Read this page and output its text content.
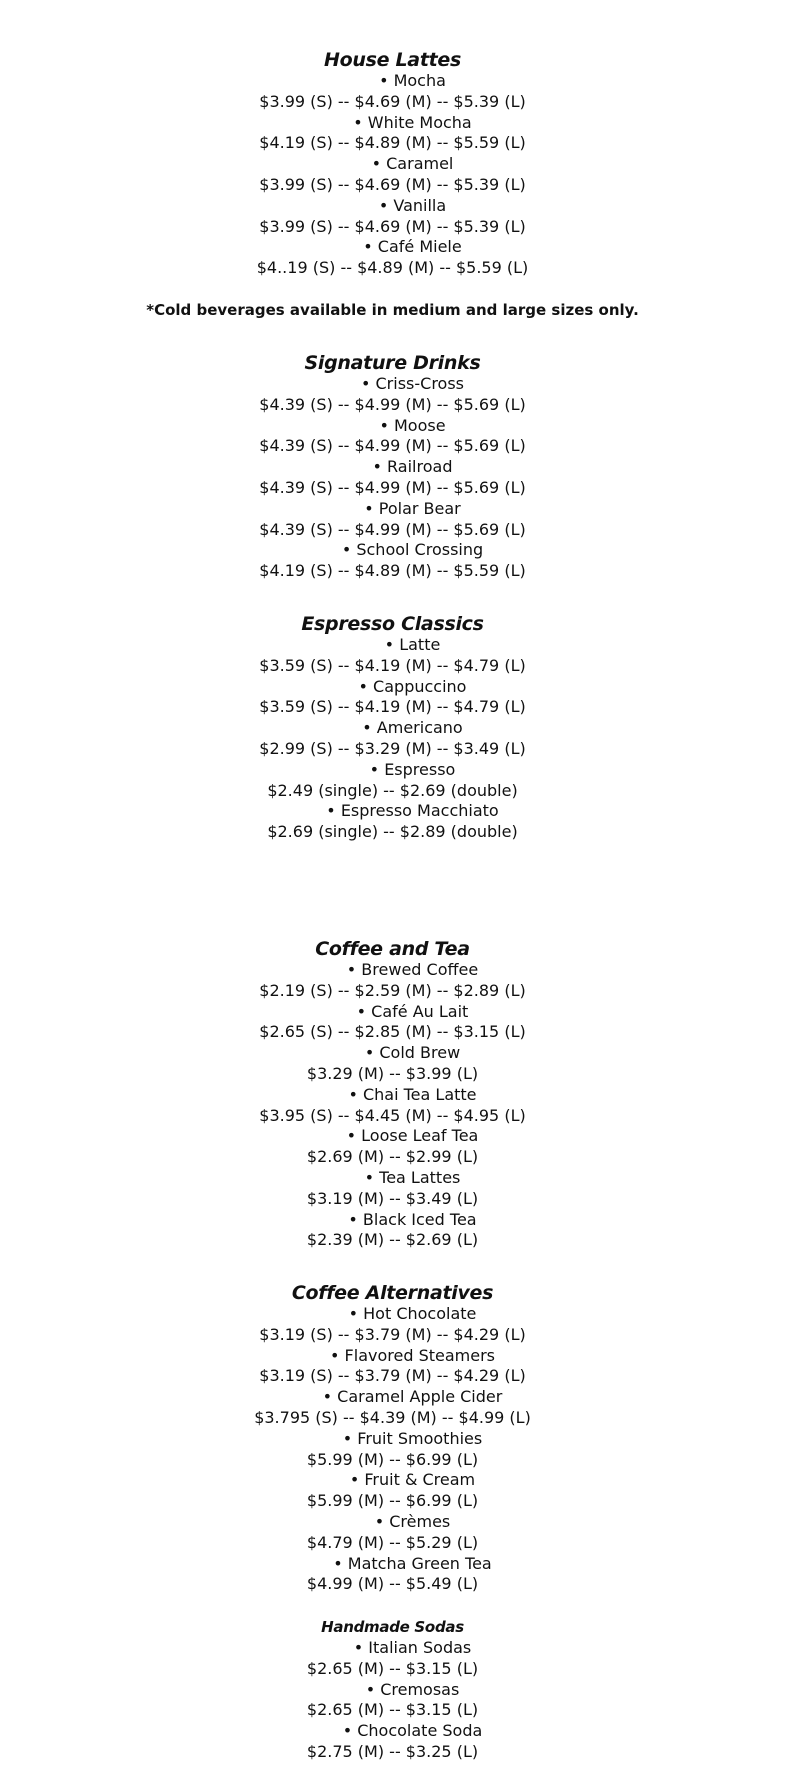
House Lattes
• Mocha
$3.99 (S) -- $4.69 (M) -- $5.39 (L)
• White Mocha
$4.19 (S) -- $4.89 (M) -- $5.59 (L)
• Caramel
$3.99 (S) -- $4.69 (M) -- $5.39 (L)
• Vanilla
$3.99 (S) -- $4.69 (M) -- $5.39 (L)
• Café Miele
$4..19 (S) -- $4.89 (M) -- $5.59 (L)
*Cold beverages available in medium and large sizes only.
Signature Drinks
• Criss-Cross
$4.39 (S) -- $4.99 (M) -- $5.69 (L)
• Moose
$4.39 (S) -- $4.99 (M) -- $5.69 (L)
• Railroad
$4.39 (S) -- $4.99 (M) -- $5.69 (L)
• Polar Bear
$4.39 (S) -- $4.99 (M) -- $5.69 (L)
• School Crossing
$4.19 (S) -- $4.89 (M) -- $5.59 (L)
Espresso Classics
• Latte
$3.59 (S) -- $4.19 (M) -- $4.79 (L)
• Cappuccino
$3.59 (S) -- $4.19 (M) -- $4.79 (L)
• Americano
$2.99 (S) -- $3.29 (M) -- $3.49 (L)
• Espresso
$2.49 (single) -- $2.69 (double)
• Espresso Macchiato
$2.69 (single) -- $2.89 (double)
Coffee and Tea
• Brewed Coffee
$2.19 (S) -- $2.59 (M) -- $2.89 (L)
• Café Au Lait
$2.65 (S) -- $2.85 (M) -- $3.15 (L)
• Cold Brew
$3.29 (M) -- $3.99 (L)
• Chai Tea Latte
$3.95 (S) -- $4.45 (M) -- $4.95 (L)
• Loose Leaf Tea
$2.69 (M) -- $2.99 (L)
• Tea Lattes
$3.19 (M) -- $3.49 (L)
• Black Iced Tea
$2.39 (M) -- $2.69 (L)
Coffee Alternatives
• Hot Chocolate
$3.19 (S) -- $3.79 (M) -- $4.29 (L)
• Flavored Steamers
$3.19 (S) -- $3.79 (M) -- $4.29 (L)
• Caramel Apple Cider
$3.795 (S) -- $4.39 (M) -- $4.99 (L)
• Fruit Smoothies
$5.99 (M) -- $6.99 (L)
• Fruit & Cream
$5.99 (M) -- $6.99 (L)
• Crèmes
$4.79 (M) -- $5.29 (L)
• Matcha Green Tea
$4.99 (M) -- $5.49 (L)
Handmade Sodas
• Italian Sodas
$2.65 (M) -- $3.15 (L)
• Cremosas
$2.65 (M) -- $3.15 (L)
• Chocolate Soda
$2.75 (M) -- $3.25 (L)
